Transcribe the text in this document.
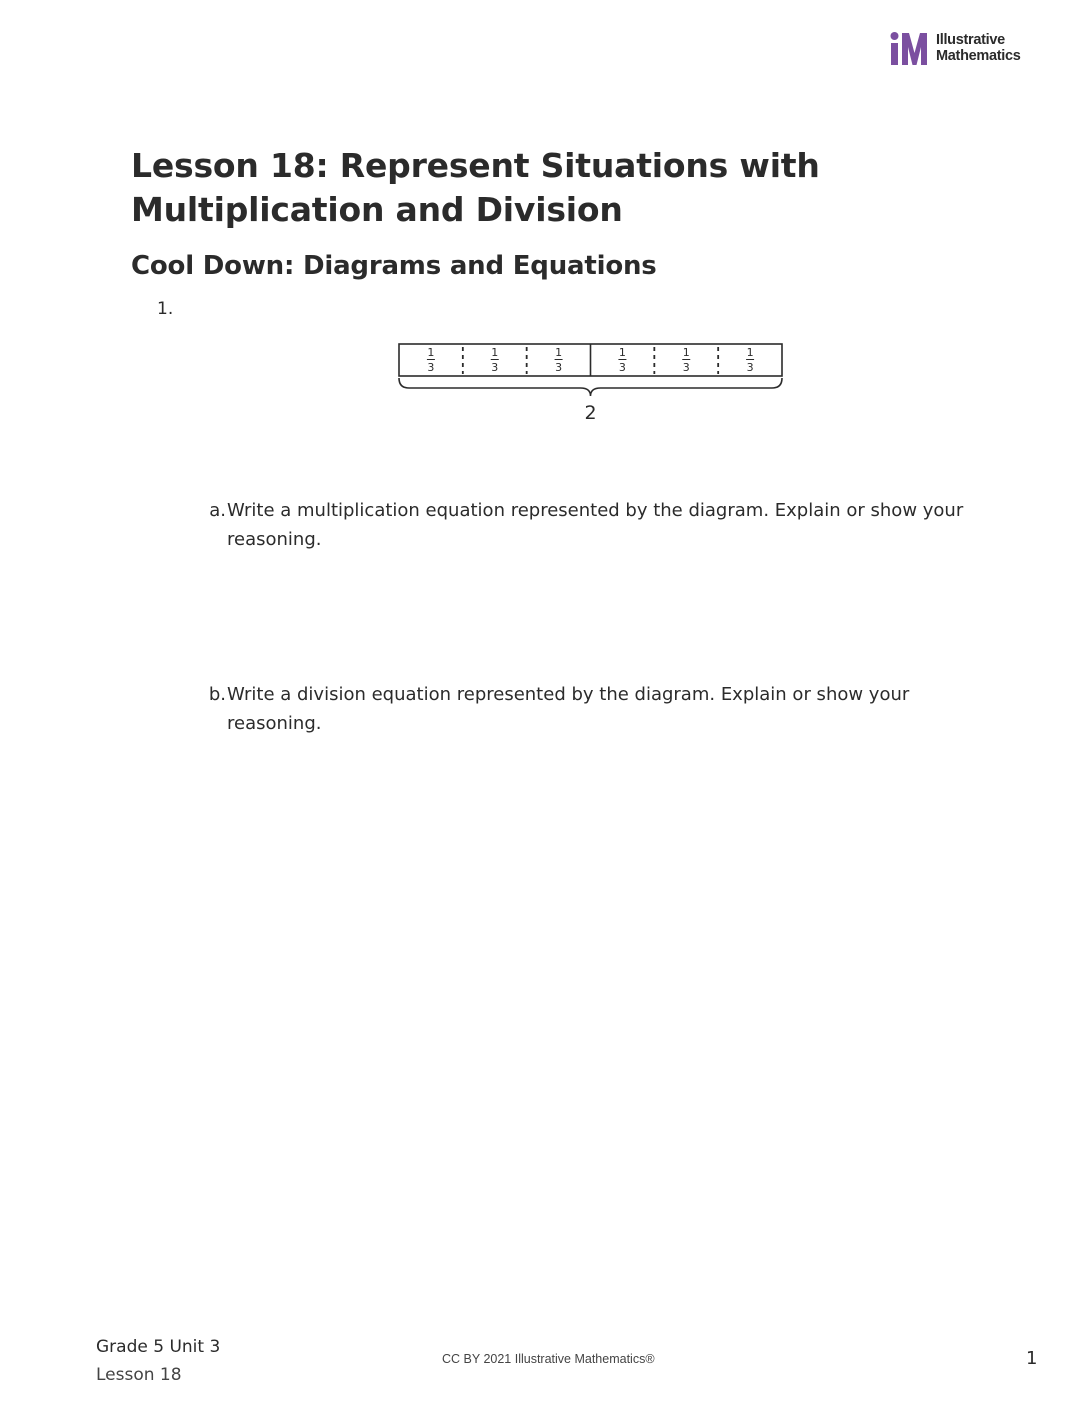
Illustrative
Mathematics
Lesson 18: Represent Situations with Multiplication and Division
Cool Down: Diagrams and Equations
1.
1
3
1
3
1
3
1
3
1
3
1
3
2
a. Write a multiplication equation represented by the diagram. Explain or show your reasoning.
b. Write a division equation represented by the diagram. Explain or show your reasoning.
Grade 5 Unit 3
Lesson 18
CC BY 2021 Illustrative Mathematics®	1
